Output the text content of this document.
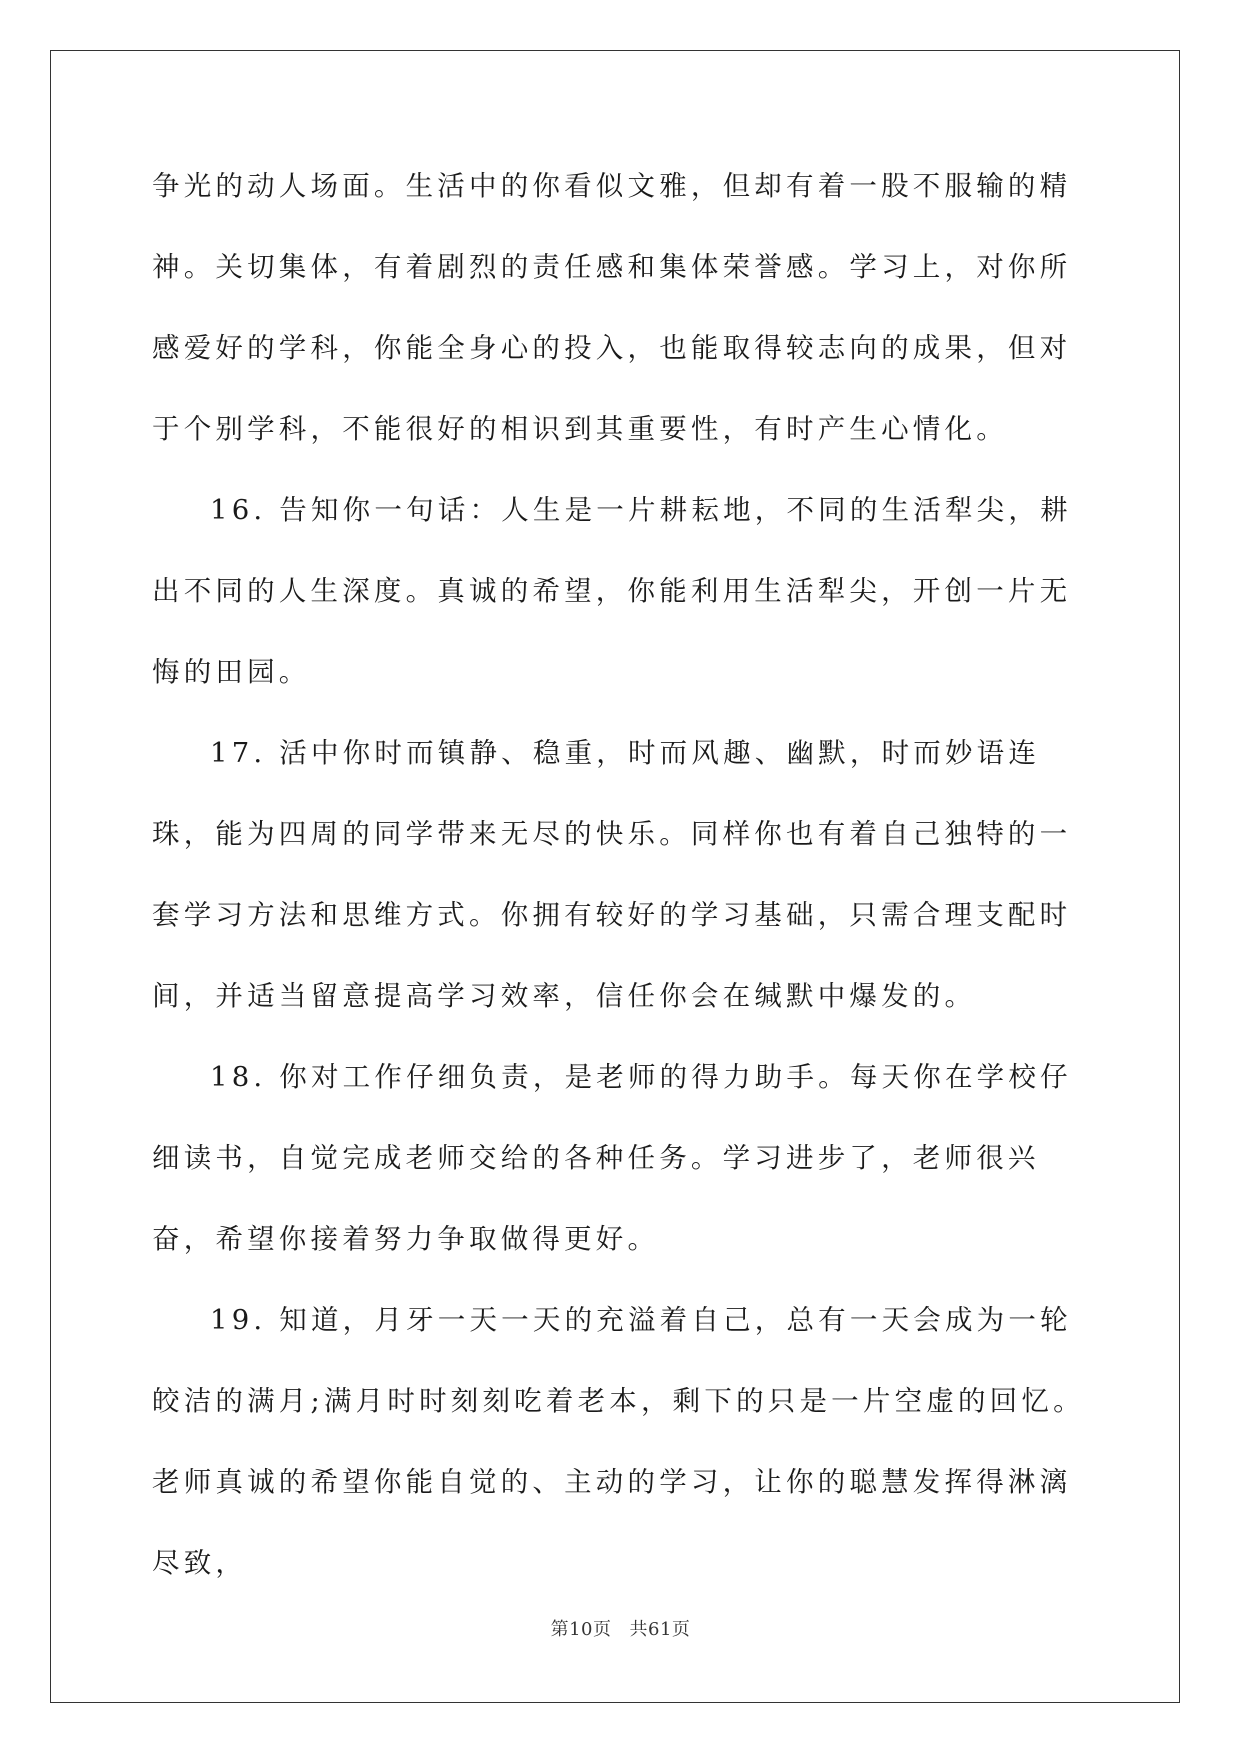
争光的动人场面。生活中的你看似文雅，但却有着一股不服输的精神。关切集体，有着剧烈的责任感和集体荣誉感。学习上，对你所感爱好的学科，你能全身心的投入，也能取得较志向的成果，但对于个别学科，不能很好的相识到其重要性，有时产生心情化。

16. 告知你一句话：人生是一片耕耘地，不同的生活犁尖，耕出不同的人生深度。真诚的希望，你能利用生活犁尖，开创一片无悔的田园。

17. 活中你时而镇静、稳重，时而风趣、幽默，时而妙语连珠，能为四周的同学带来无尽的快乐。同样你也有着自己独特的一套学习方法和思维方式。你拥有较好的学习基础，只需合理支配时间，并适当留意提高学习效率，信任你会在缄默中爆发的。

18. 你对工作仔细负责，是老师的得力助手。每天你在学校仔细读书，自觉完成老师交给的各种任务。学习进步了，老师很兴奋，希望你接着努力争取做得更好。

19. 知道，月牙一天一天的充溢着自己，总有一天会成为一轮皎洁的满月;满月时时刻刻吃着老本，剩下的只是一片空虚的回忆。老师真诚的希望你能自觉的、主动的学习，让你的聪慧发挥得淋漓尽致，

第10页 共61页
